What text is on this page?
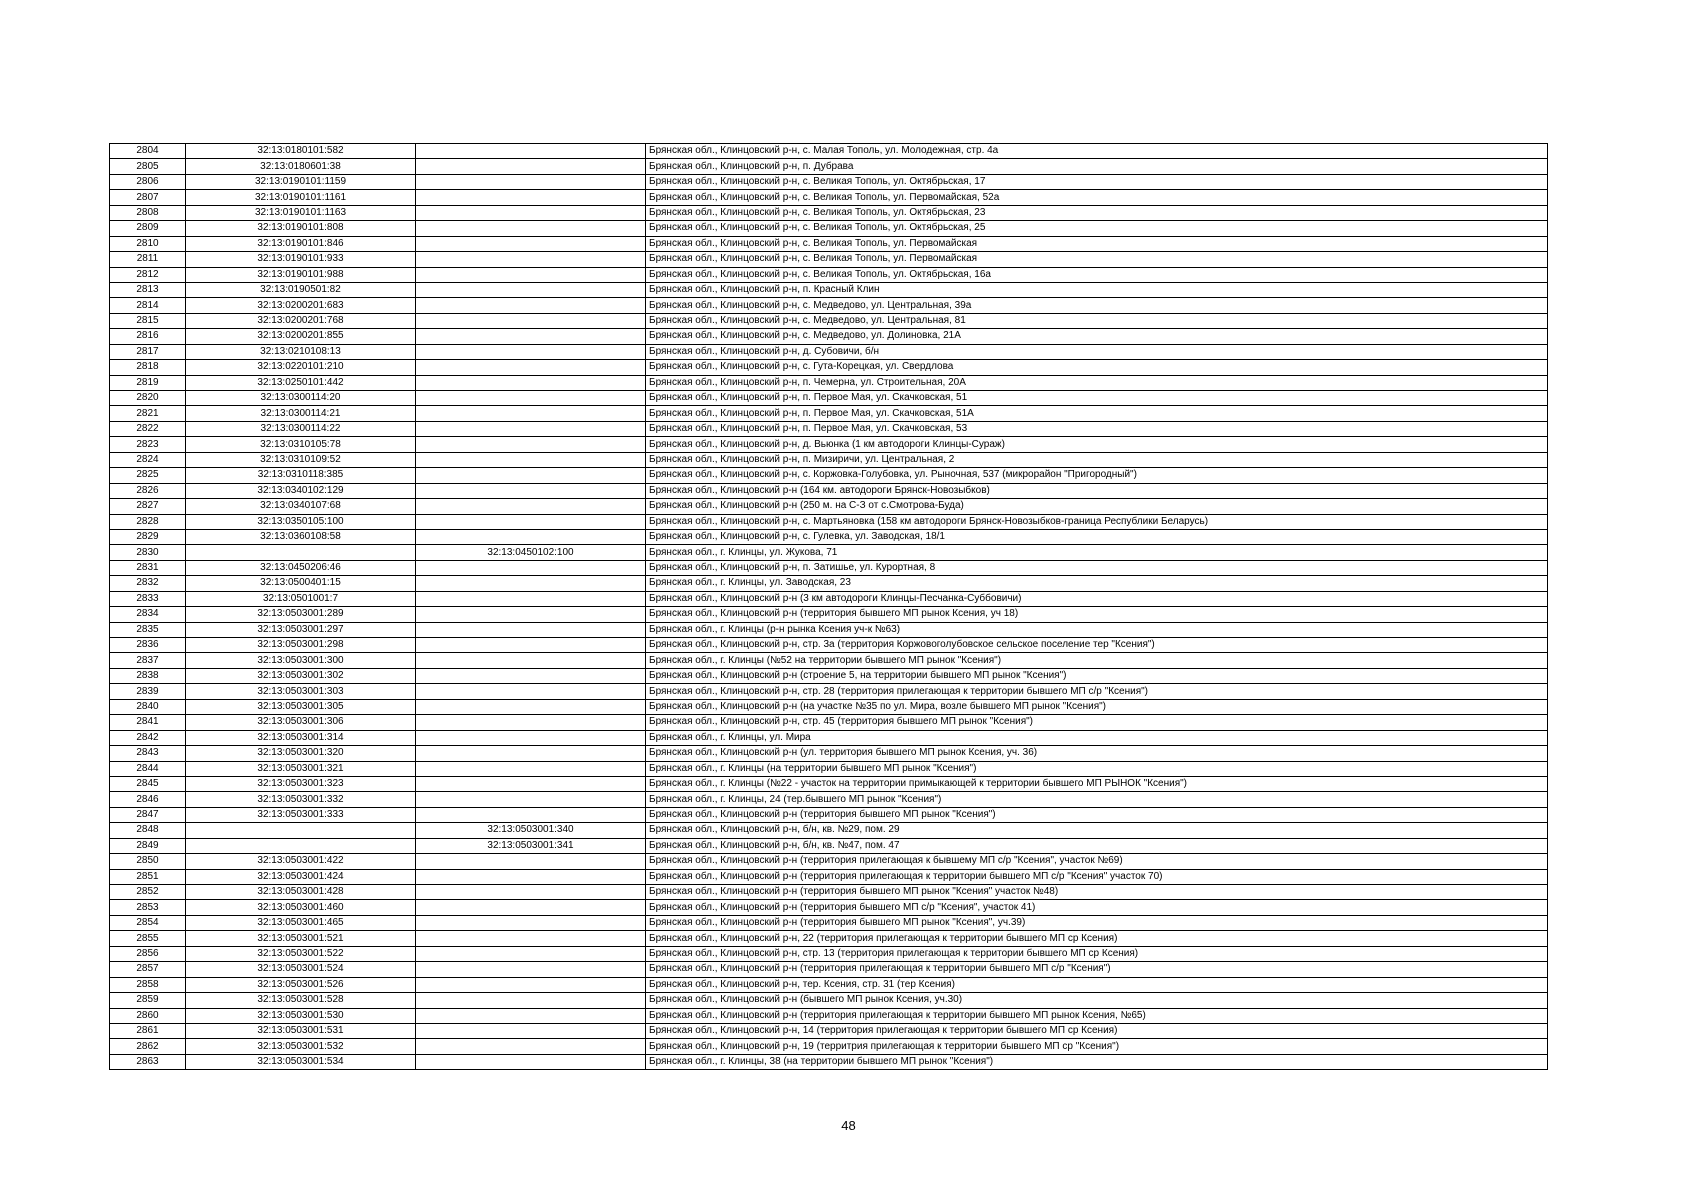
2804	32:13:0180101:582		Брянская обл., Клинцовский р-н, с. Малая Тополь, ул. Молодежная, стр. 4а
2805	32:13:0180601:38		Брянская обл., Клинцовский р-н, п. Дубрава
2806	32:13:0190101:1159		Брянская обл., Клинцовский р-н, с. Великая Тополь, ул. Октябрьская, 17
2807	32:13:0190101:1161		Брянская обл., Клинцовский р-н, с. Великая Тополь, ул. Первомайская, 52а
2808	32:13:0190101:1163		Брянская обл., Клинцовский р-н, с. Великая Тополь, ул. Октябрьская, 23
2809	32:13:0190101:808		Брянская обл., Клинцовский р-н, с. Великая Тополь, ул. Октябрьская, 25
2810	32:13:0190101:846		Брянская обл., Клинцовский р-н, с. Великая Тополь, ул. Первомайская
2811	32:13:0190101:933		Брянская обл., Клинцовский р-н, с. Великая Тополь, ул. Первомайская
2812	32:13:0190101:988		Брянская обл., Клинцовский р-н, с. Великая Тополь, ул. Октябрьская, 16а
2813	32:13:0190501:82		Брянская обл., Клинцовский р-н, п. Красный Клин
2814	32:13:0200201:683		Брянская обл., Клинцовский р-н, с. Медведово, ул. Центральная, 39а
2815	32:13:0200201:768		Брянская обл., Клинцовский р-н, с. Медведово, ул. Центральная, 81
2816	32:13:0200201:855		Брянская обл., Клинцовский р-н, с. Медведово, ул. Долиновка, 21А
2817	32:13:0210108:13		Брянская обл., Клинцовский р-н, д. Субовичи, б/н
2818	32:13:0220101:210		Брянская обл., Клинцовский р-н, с. Гута-Корецкая, ул. Свердлова
2819	32:13:0250101:442		Брянская обл., Клинцовский р-н, п. Чемерна, ул. Строительная, 20А
2820	32:13:0300114:20		Брянская обл., Клинцовский р-н, п. Первое Мая, ул. Скачковская, 51
2821	32:13:0300114:21		Брянская обл., Клинцовский р-н, п. Первое Мая, ул. Скачковская, 51А
2822	32:13:0300114:22		Брянская обл., Клинцовский р-н, п. Первое Мая, ул. Скачковская, 53
2823	32:13:0310105:78		Брянская обл., Клинцовский р-н, д. Вьюнка (1 км автодороги Клинцы-Сураж)
2824	32:13:0310109:52		Брянская обл., Клинцовский р-н, п. Мизиричи, ул. Центральная, 2
2825	32:13:0310118:385		Брянская обл., Клинцовский р-н, с. Коржовка-Голубовка, ул. Рыночная, 537 (микрорайон "Пригородный")
2826	32:13:0340102:129		Брянская обл., Клинцовский р-н (164 км. автодороги Брянск-Новозыбков)
2827	32:13:0340107:68		Брянская обл., Клинцовский р-н (250 м. на С-З от с.Смотрова-Буда)
2828	32:13:0350105:100		Брянская обл., Клинцовский р-н, с. Мартьяновка (158 км автодороги Брянск-Новозыбков-граница Республики Беларусь)
2829	32:13:0360108:58		Брянская обл., Клинцовский р-н, с. Гулевка, ул. Заводская, 18/1
2830		32:13:0450102:100	Брянская обл., г. Клинцы, ул. Жукова, 71
2831	32:13:0450206:46		Брянская обл., Клинцовский р-н, п. Затишье, ул. Курортная, 8
2832	32:13:0500401:15		Брянская обл., г. Клинцы, ул. Заводская, 23
2833	32:13:0501001:7		Брянская обл., Клинцовский р-н (3 км автодороги Клинцы-Песчанка-Суббовичи)
2834	32:13:0503001:289		Брянская обл., Клинцовский р-н (территория бывшего МП рынок Ксения, уч 18)
2835	32:13:0503001:297		Брянская обл., г. Клинцы (р-н рынка Ксения уч-к №63)
2836	32:13:0503001:298		Брянская обл., Клинцовский р-н, стр. 3а (территория Коржовоголубовское сельское поселение тер "Ксения")
2837	32:13:0503001:300		Брянская обл., г. Клинцы (№52 на территории бывшего МП рынок "Ксения")
2838	32:13:0503001:302		Брянская обл., Клинцовский р-н (строение 5, на территории бывшего МП рынок "Ксения")
2839	32:13:0503001:303		Брянская обл., Клинцовский р-н, стр. 28 (территория прилегающая к территории бывшего МП с/р "Ксения")
2840	32:13:0503001:305		Брянская обл., Клинцовский р-н (на участке №35 по ул. Мира, возле бывшего МП рынок "Ксения")
2841	32:13:0503001:306		Брянская обл., Клинцовский р-н, стр. 45 (территория бывшего МП рынок "Ксения")
2842	32:13:0503001:314		Брянская обл., г. Клинцы, ул. Мира
2843	32:13:0503001:320		Брянская обл., Клинцовский р-н (ул. территория бывшего МП рынок Ксения, уч. 36)
2844	32:13:0503001:321		Брянская обл., г. Клинцы (на территории бывшего МП рынок "Ксения")
2845	32:13:0503001:323		Брянская обл., г. Клинцы (№22 - участок на территории примыкающей к территории бывшего МП РЫНОК "Ксения")
2846	32:13:0503001:332		Брянская обл., г. Клинцы, 24 (тер.бывшего МП рынок "Ксения")
2847	32:13:0503001:333		Брянская обл., Клинцовский р-н (территория бывшего МП рынок "Ксения")
2848		32:13:0503001:340	Брянская обл., Клинцовский р-н, б/н, кв. №29, пом. 29
2849		32:13:0503001:341	Брянская обл., Клинцовский р-н, б/н, кв. №47, пом. 47
2850	32:13:0503001:422		Брянская обл., Клинцовский р-н (территория прилегающая к бывшему МП с/р "Ксения", участок №69)
2851	32:13:0503001:424		Брянская обл., Клинцовский р-н (территория прилегающая к территории бывшего МП с/р "Ксения" участок 70)
2852	32:13:0503001:428		Брянская обл., Клинцовский р-н (территория бывшего МП рынок "Ксения" участок №48)
2853	32:13:0503001:460		Брянская обл., Клинцовский р-н (территория бывшего МП с/р "Ксения", участок 41)
2854	32:13:0503001:465		Брянская обл., Клинцовский р-н (территория бывшего МП рынок "Ксения", уч.39)
2855	32:13:0503001:521		Брянская обл., Клинцовский р-н, 22 (территория прилегающая к территории бывшего МП ср Ксения)
2856	32:13:0503001:522		Брянская обл., Клинцовский р-н, стр. 13 (территория прилегающая к территории бывшего МП ср Ксения)
2857	32:13:0503001:524		Брянская обл., Клинцовский р-н (территория прилегающая к территории бывшего МП с/р "Ксения")
2858	32:13:0503001:526		Брянская обл., Клинцовский р-н, тер. Ксения, стр. 31 (тер Ксения)
2859	32:13:0503001:528		Брянская обл., Клинцовский р-н (бывшего МП рынок Ксения, уч.30)
2860	32:13:0503001:530		Брянская обл., Клинцовский р-н (территория прилегающая к территории бывшего МП рынок Ксения, №65)
2861	32:13:0503001:531		Брянская обл., Клинцовский р-н, 14 (территория прилегающая к территории бывшего МП ср Ксения)
2862	32:13:0503001:532		Брянская обл., Клинцовский р-н, 19 (территрия прилегающая к территории бывшего МП ср "Ксения")
2863	32:13:0503001:534		Брянская обл., г. Клинцы, 38 (на территории бывшего МП рынок "Ксения")
48
